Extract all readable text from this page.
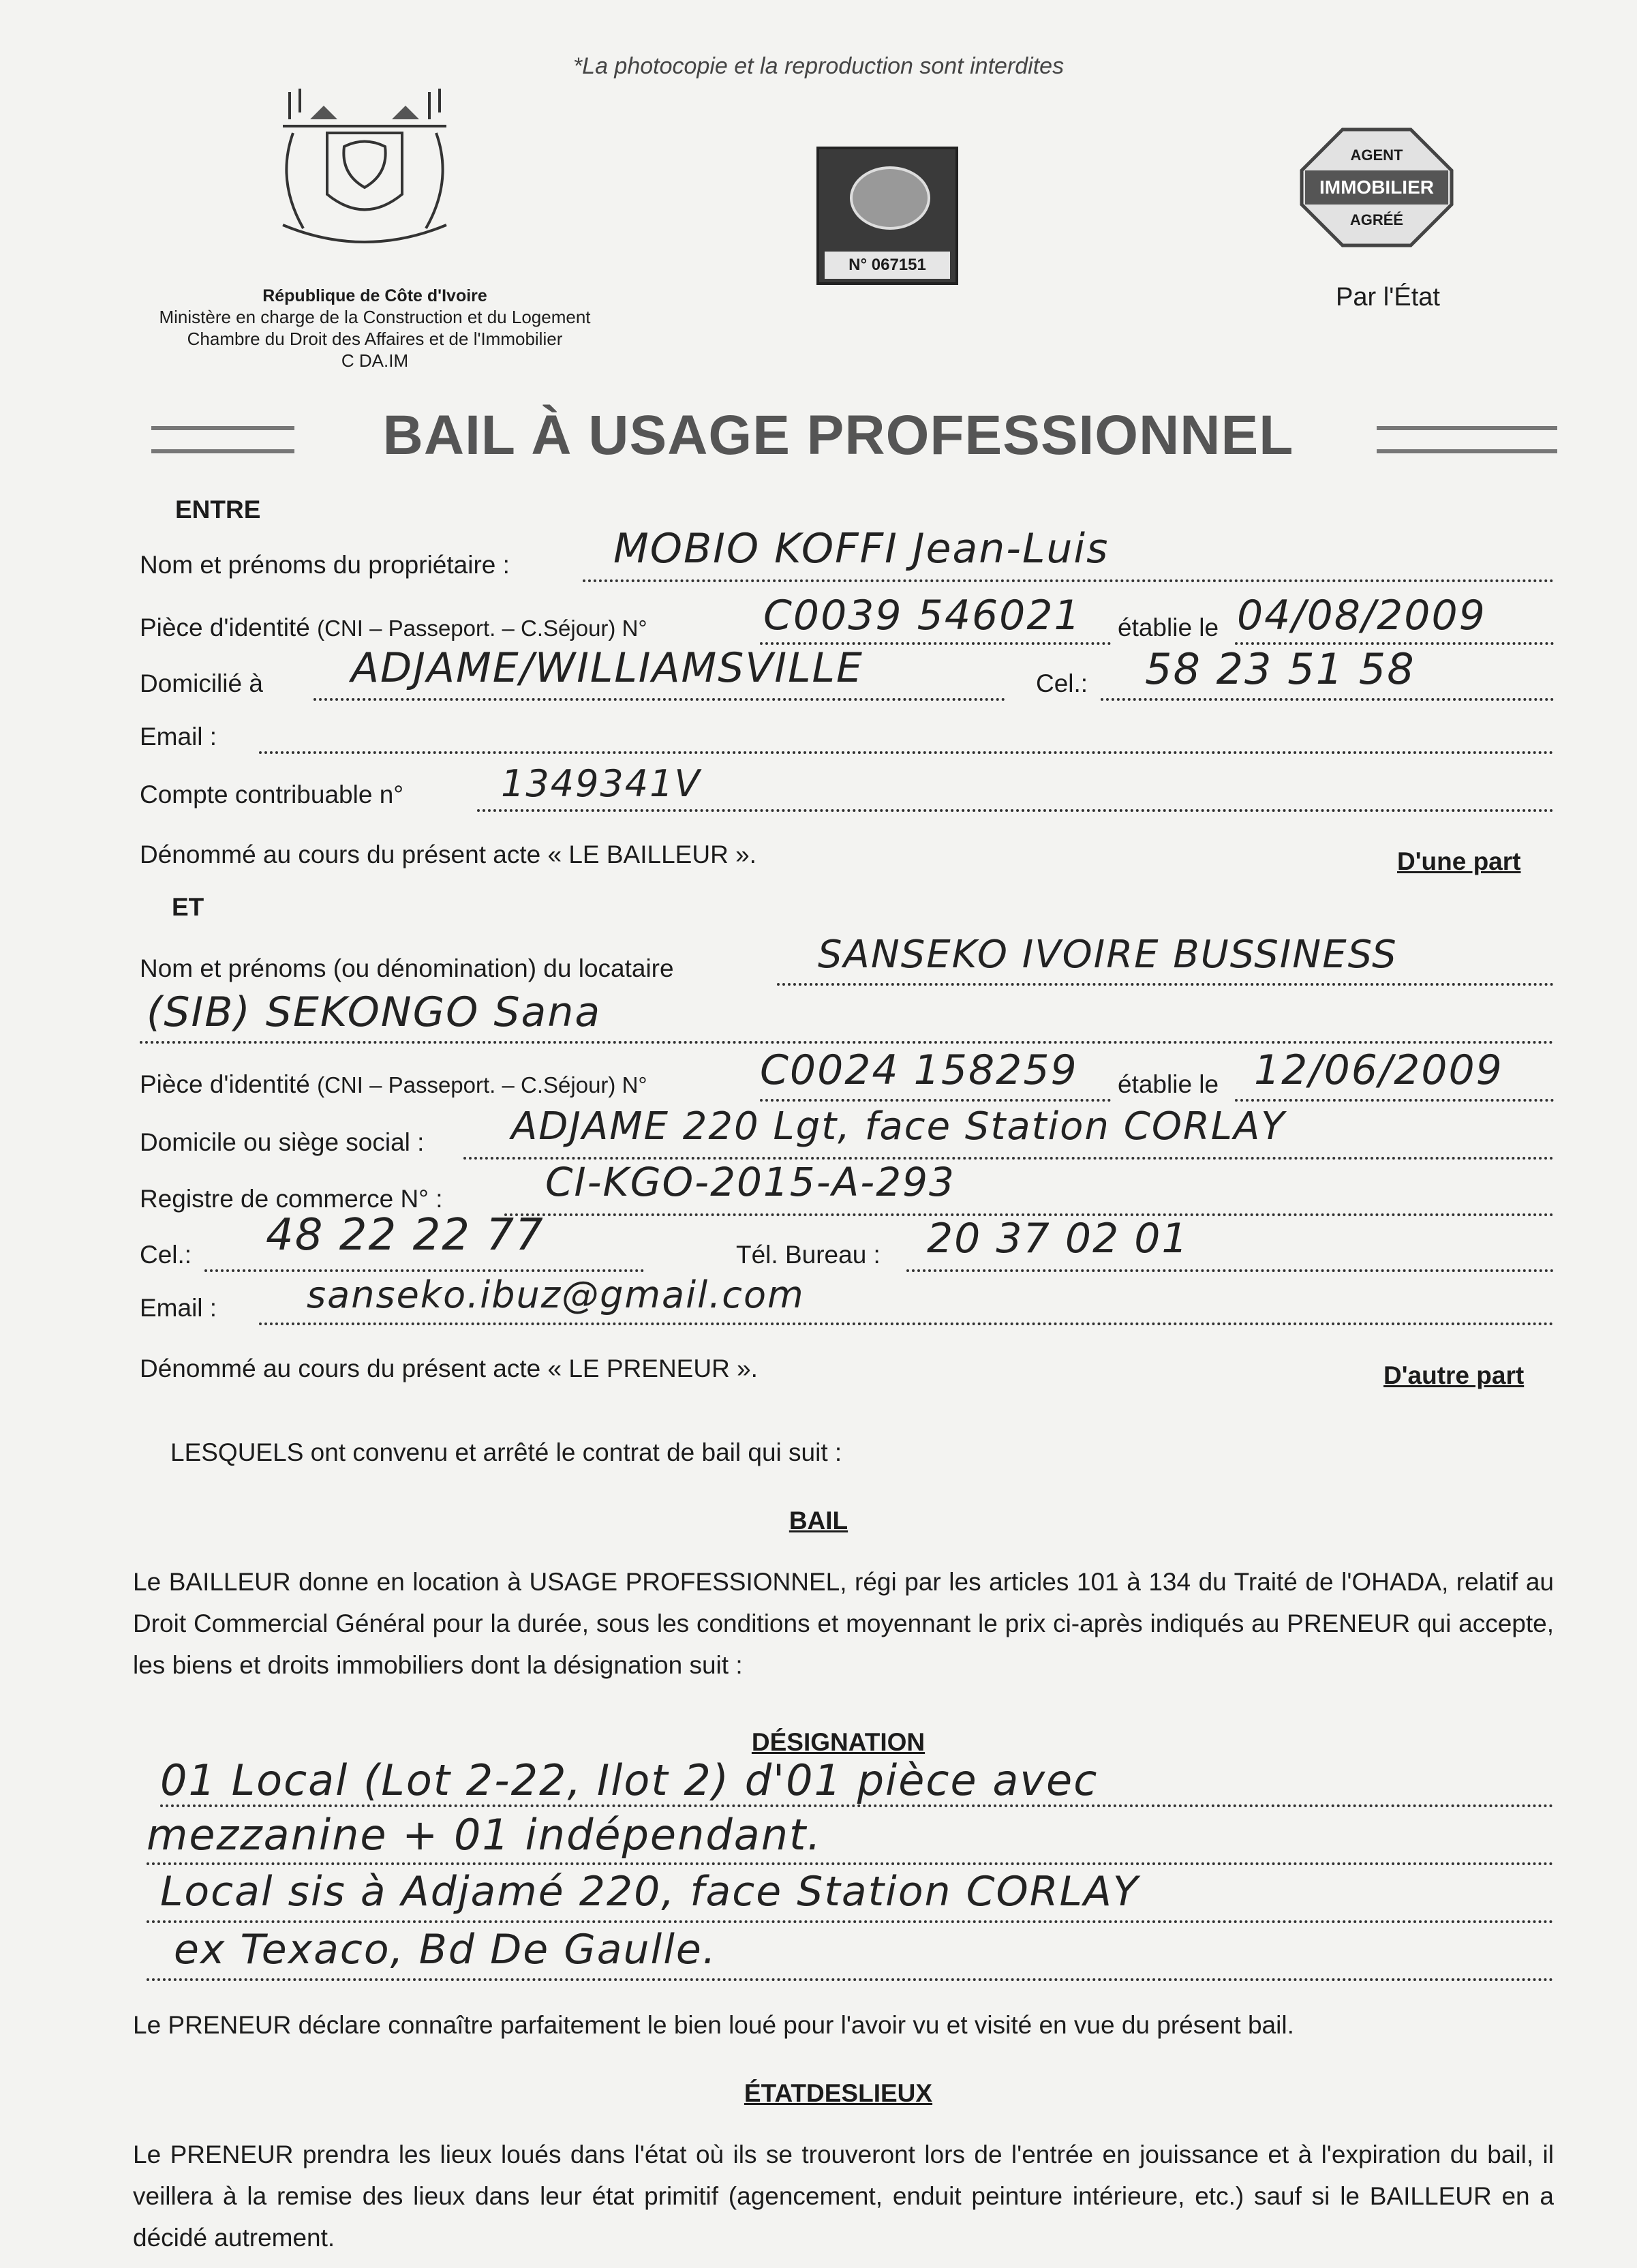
*La photocopie et la reproduction sont interdites
République de Côte d'Ivoire
Ministère en charge de la Construction et du Logement
Chambre du Droit des Affaires et de l'Immobilier
C DA.IM
N° 067151
AGENT
IMMOBILIER
AGRÉÉ
Par l'État
BAIL À USAGE PROFESSIONNEL
ENTRE
Nom et prénoms du propriétaire :	MOBIO KOFFI Jean-Luis
Pièce d'identité (CNI – Passeport. – C.Séjour) N°	C0039 546021 établie le 04/08/2009
Domicilié à ADJAME/WILLIAMSVILLE	Cel.: 58 23 51 58
Email :
Compte contribuable n°	1349341V
Dénommé au cours du présent acte « LE BAILLEUR ».	D'une part
ET
Nom et prénoms (ou dénomination) du locataire	SANSEKO IVOIRE BUSSINESS
(SIB) SEKONGO Sana
Pièce d'identité (CNI – Passeport. – C.Séjour) N°	C0024 158259 établie le 12/06/2009
Domicile ou siège social : ADJAME 220 Lgt, face Station CORLAY
Registre de commerce N° :	CI-KGO-2015-A-293
Cel.: 48 22 22 77	Tél. Bureau : 20 37 02 01
Email : sanseko.ibuz@gmail.com
Dénommé au cours du présent acte « LE PRENEUR ».	D'autre part
LESQUELS ont convenu et arrêté le contrat de bail qui suit :
BAIL
Le BAILLEUR donne en location à USAGE PROFESSIONNEL, régi par les articles 101 à 134 du Traité de l'OHADA, relatif au Droit Commercial Général pour la durée, sous les conditions et moyennant le prix ci-après indiqués au PRENEUR qui accepte, les biens et droits immobiliers dont la désignation suit :
DÉSIGNATION
01 Local (Lot 2-22, Ilot 2) d'01 pièce avec
mezzanine + 01 indépendant.
Local sis à Adjamé 220, face Station CORLAY
ex Texaco, Bd De Gaulle.
Le PRENEUR déclare connaître parfaitement le bien loué pour l'avoir vu et visité en vue du présent bail.
ÉTATDESLIEUX
Le PRENEUR prendra les lieux loués dans l'état où ils se trouveront lors de l'entrée en jouissance et à l'expiration du bail, il veillera à la remise des lieux dans leur état primitif (agencement, enduit peinture intérieure, etc.) sauf si le BAILLEUR en a décidé autrement.
